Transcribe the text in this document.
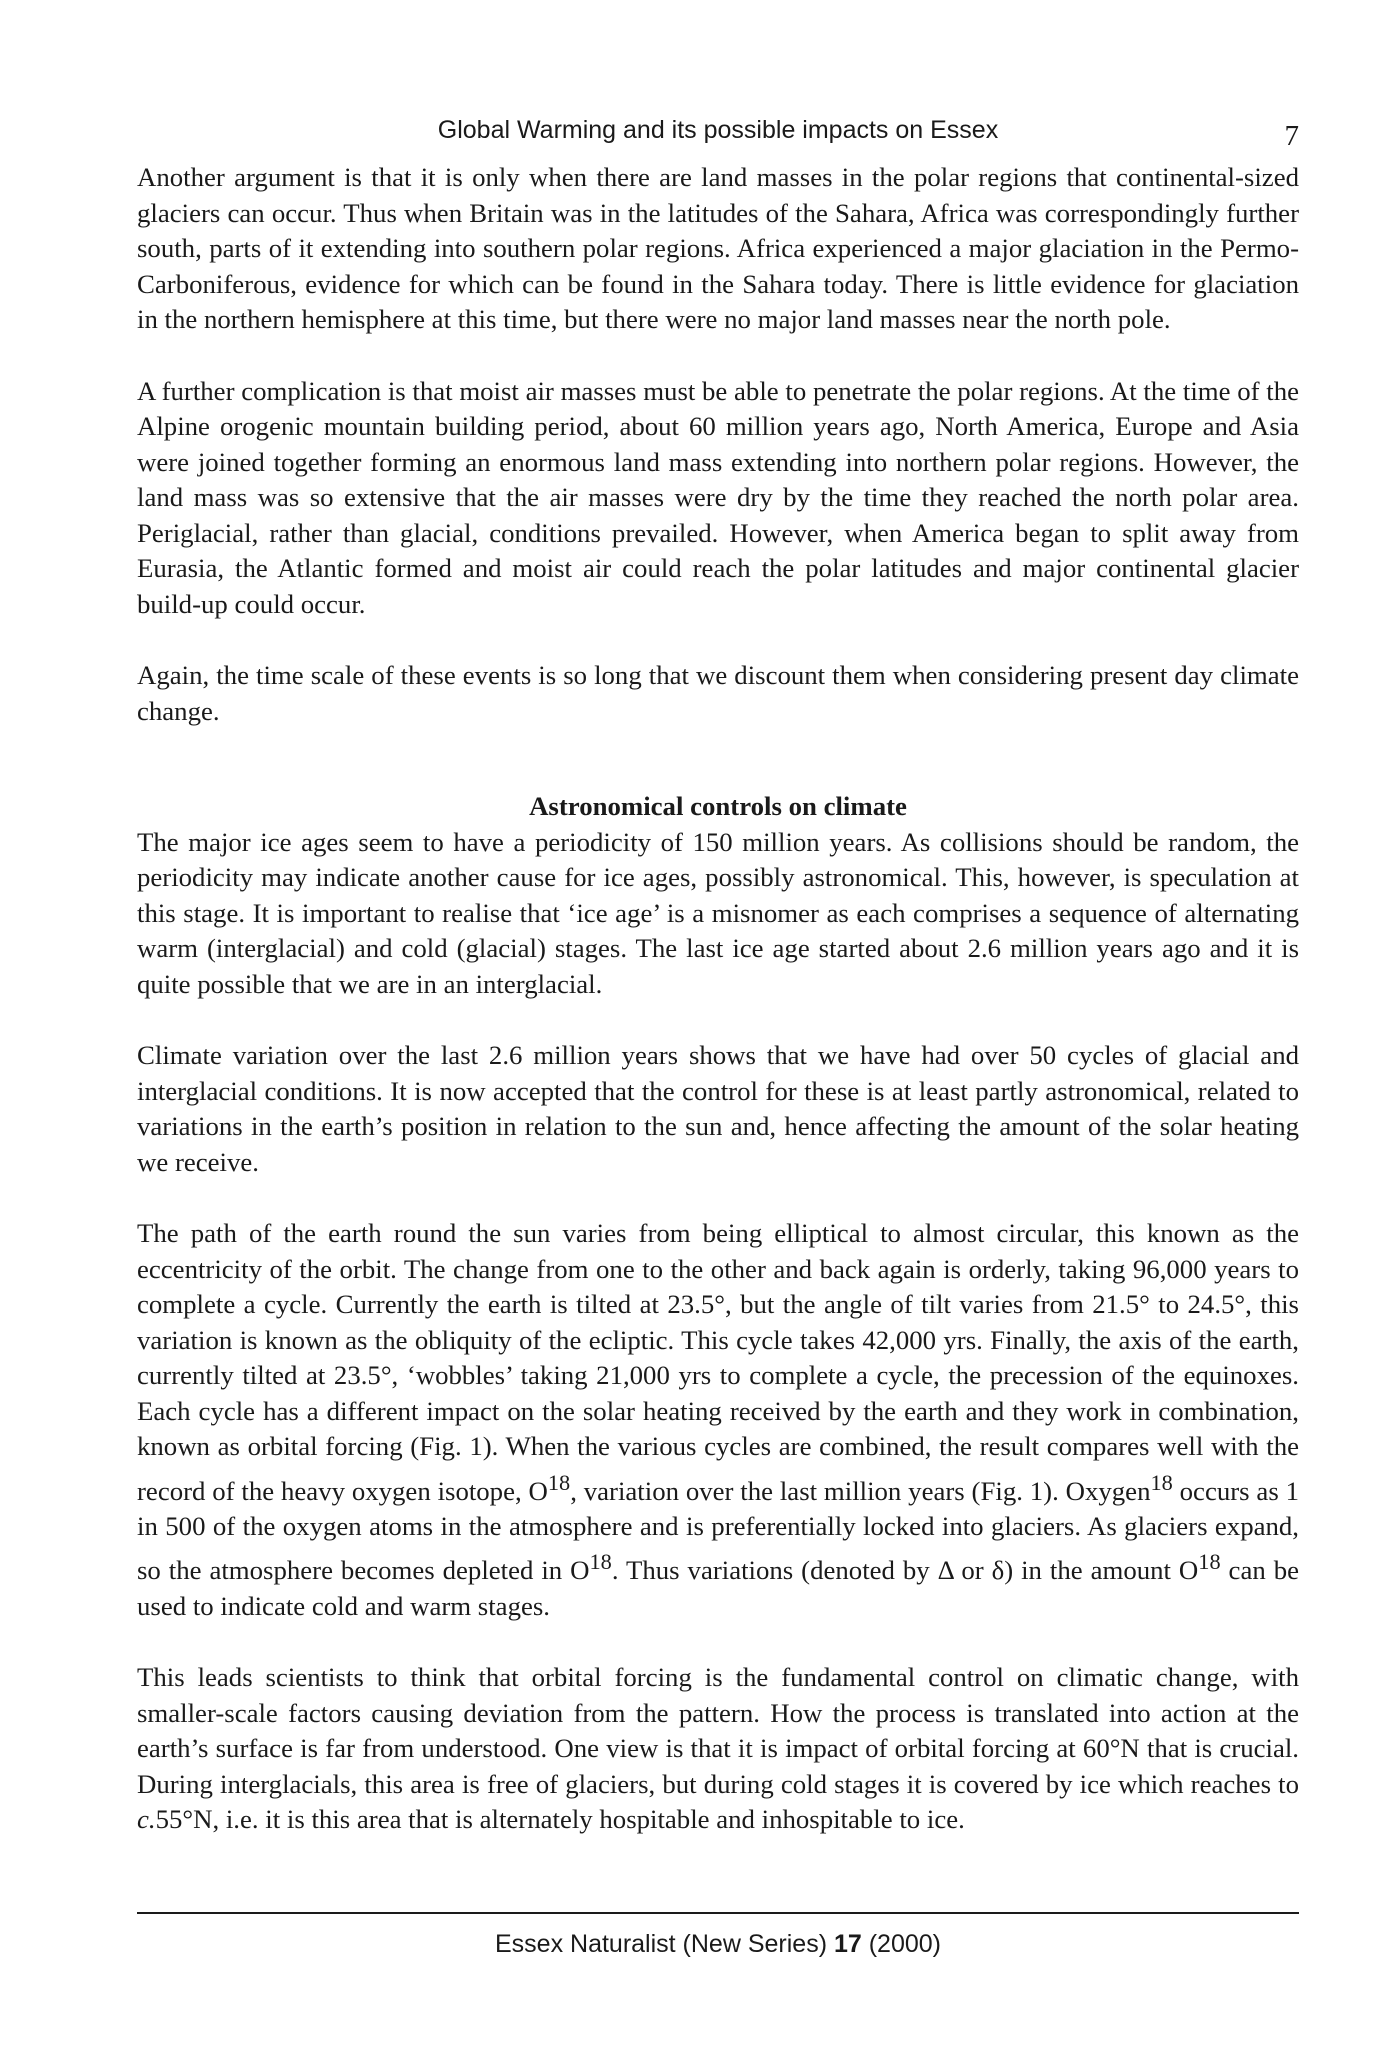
Global Warming and its possible impacts on Essex	7

Another argument is that it is only when there are land masses in the polar regions that continental-sized glaciers can occur. Thus when Britain was in the latitudes of the Sahara, Africa was correspondingly further south, parts of it extending into southern polar regions. Africa experienced a major glaciation in the Permo-Carboniferous, evidence for which can be found in the Sahara today. There is little evidence for glaciation in the northern hemisphere at this time, but there were no major land masses near the north pole.

A further complication is that moist air masses must be able to penetrate the polar regions. At the time of the Alpine orogenic mountain building period, about 60 million years ago, North America, Europe and Asia were joined together forming an enormous land mass extending into northern polar regions. However, the land mass was so extensive that the air masses were dry by the time they reached the north polar area. Periglacial, rather than glacial, conditions prevailed. However, when America began to split away from Eurasia, the Atlantic formed and moist air could reach the polar latitudes and major continental glacier build-up could occur.

Again, the time scale of these events is so long that we discount them when considering present day climate change.

Astronomical controls on climate

The major ice ages seem to have a periodicity of 150 million years. As collisions should be random, the periodicity may indicate another cause for ice ages, possibly astronomical. This, however, is speculation at this stage. It is important to realise that ‘ice age’ is a misnomer as each comprises a sequence of alternating warm (interglacial) and cold (glacial) stages. The last ice age started about 2.6 million years ago and it is quite possible that we are in an interglacial.

Climate variation over the last 2.6 million years shows that we have had over 50 cycles of glacial and interglacial conditions. It is now accepted that the control for these is at least partly astronomical, related to variations in the earth’s position in relation to the sun and, hence affecting the amount of the solar heating we receive.

The path of the earth round the sun varies from being elliptical to almost circular, this known as the eccentricity of the orbit. The change from one to the other and back again is orderly, taking 96,000 years to complete a cycle. Currently the earth is tilted at 23.5°, but the angle of tilt varies from 21.5° to 24.5°, this variation is known as the obliquity of the ecliptic. This cycle takes 42,000 yrs. Finally, the axis of the earth, currently tilted at 23.5°, ‘wobbles’ taking 21,000 yrs to complete a cycle, the precession of the equinoxes. Each cycle has a different impact on the solar heating received by the earth and they work in combination, known as orbital forcing (Fig. 1). When the various cycles are combined, the result compares well with the record of the heavy oxygen isotope, $O^{18}$, variation over the last million years (Fig. 1). Oxygen$^{18}$ occurs as 1 in 500 of the oxygen atoms in the atmosphere and is preferentially locked into glaciers. As glaciers expand, so the atmosphere becomes depleted in $O^{18}$. Thus variations (denoted by Δ or δ) in the amount $O^{18}$ can be used to indicate cold and warm stages.

This leads scientists to think that orbital forcing is the fundamental control on climatic change, with smaller-scale factors causing deviation from the pattern. How the process is translated into action at the earth’s surface is far from understood. One view is that it is impact of orbital forcing at 60°N that is crucial. During interglacials, this area is free of glaciers, but during cold stages it is covered by ice which reaches to c.55°N, i.e. it is this area that is alternately hospitable and inhospitable to ice.

Essex Naturalist (New Series) 17 (2000)
